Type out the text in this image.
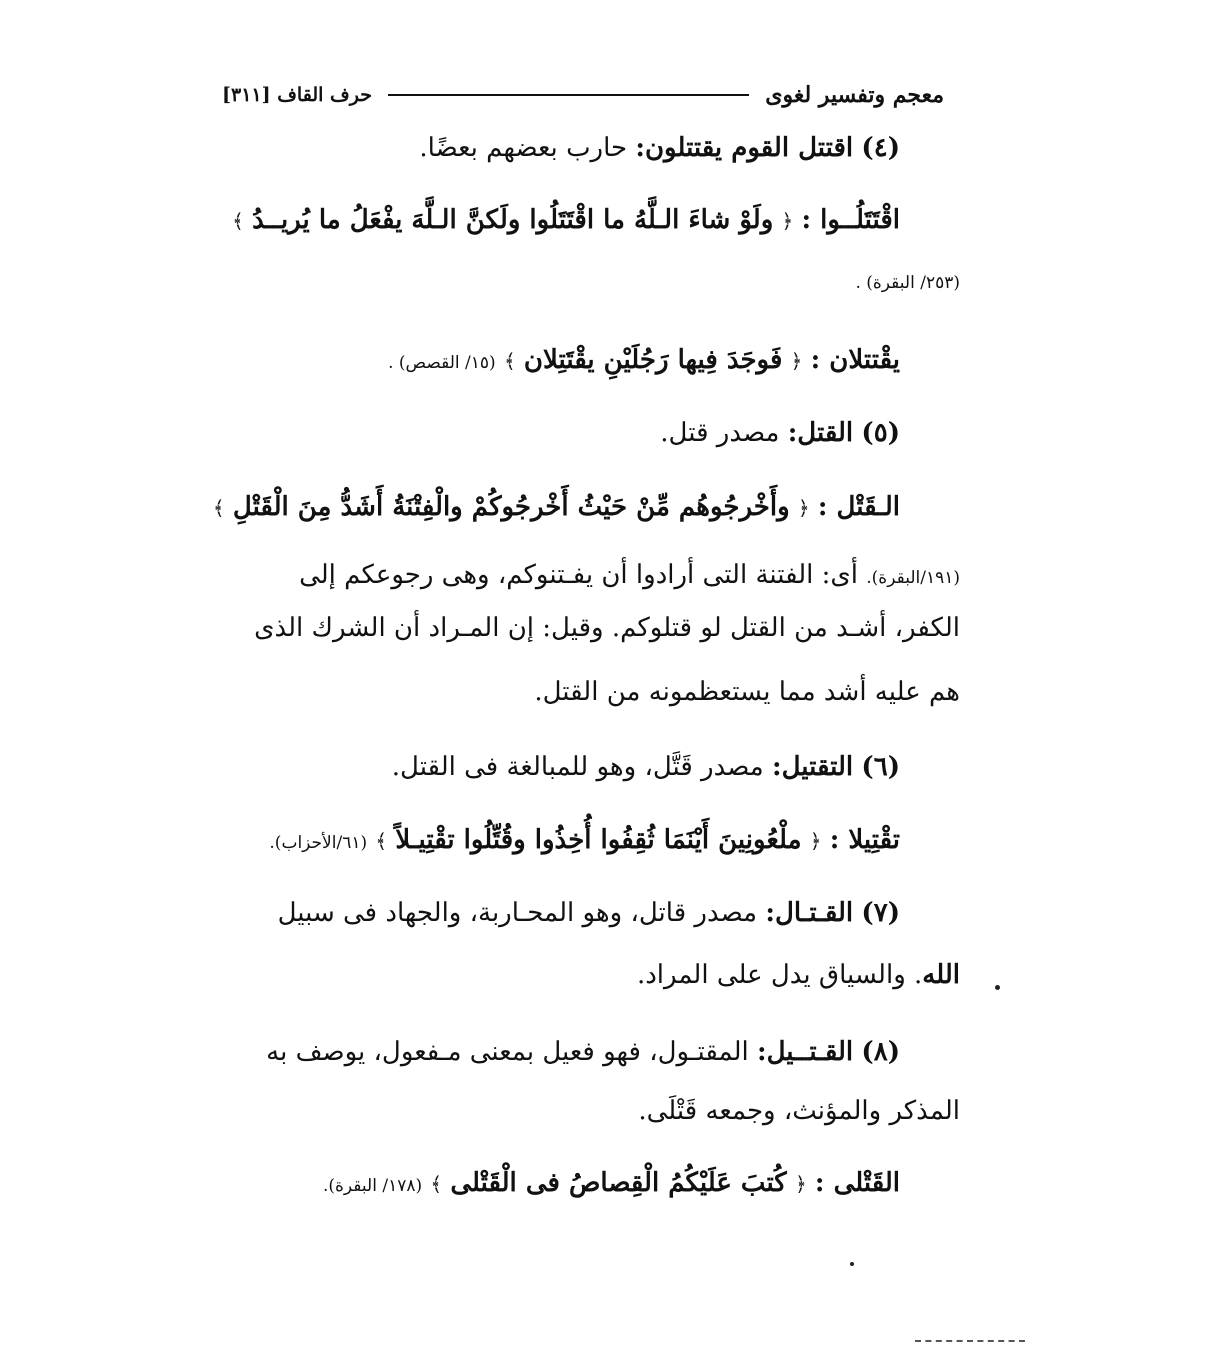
معجم وتفسير لغوى
حرف القاف [٣١١]
(٤) اقتتل القوم يقتتلون: حارب بعضهم بعضًا.
اقْتَتَلُــوا : ﴿ ولَوْ شاءَ الـلَّهُ ما اقْتَتَلُوا ولَكنَّ الـلَّهَ يفْعَلُ ما يُريــدُ ﴾
(٢٥٣/ البقرة) .
يقْتتلان : ﴿ فَوجَدَ فِيها رَجُلَيْنِ يقْتَتِلان ﴾ (١٥/ القصص) .
(٥) القتل: مصدر قتل.
الـقَتْل : ﴿ وأَخْرجُوهُم مِّنْ حَيْثُ أَخْرجُوكُمْ والْفِتْنَةُ أَشَدُّ مِنَ الْقَتْلِ ﴾
(١٩١/البقرة). أى: الفتنة التى أرادوا أن يفـتنوكم، وهى رجوعكم إلى
الكفر، أشـد من القتل لو قتلوكم. وقيل: إن المـراد أن الشرك الذى
هم عليه أشد مما يستعظمونه من القتل.
(٦) التقتيل: مصدر قَتَّل، وهو للمبالغة فى القتل.
تقْتِيلا : ﴿ ملْعُونِينَ أَيْنَمَا ثُقِفُوا أُخِذُوا وقُتِّلُوا تقْتِيـلاً ﴾ (٦١/الأحزاب).
(٧) القـتـال: مصدر قاتل، وهو المحـاربة، والجهاد فى سبيل
الله. والسياق يدل على المراد.
(٨) القـتــيل: المقتـول، فهو فعيل بمعنى مـفعول، يوصف به
المذكر والمؤنث، وجمعه قَتْلَى.
القَتْلى : ﴿ كُتبَ عَلَيْكُمُ الْقِصاصُ فى الْقَتْلى ﴾ (١٧٨/ البقرة).
